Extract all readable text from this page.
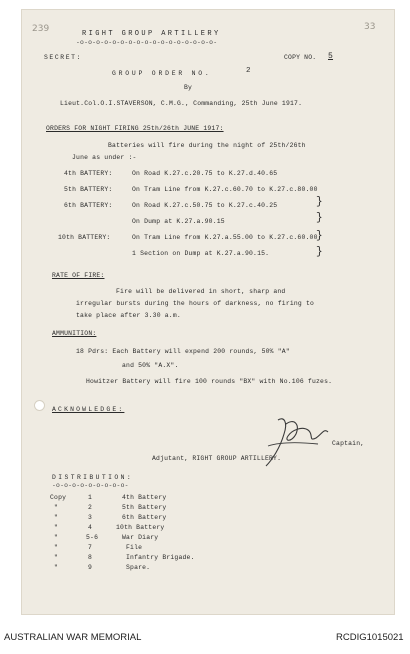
239	33
RIGHT GROUP ARTILLERY
-o-o-o-o-o-o-o-o-o-o-o-o-o-o-o-o-o-
SECRET:	COPY NO. 5
GROUP ORDER NO.	2
By
Lieut.Col.O.I.STAVERSON, C.M.G., Commanding, 25th June 1917.
ORDERS FOR NIGHT FIRING 25th/26th JUNE 1917:
Batteries will fire during the night of 25th/26th
June as under :-
4th BATTERY:	On Road K.27.c.20.75 to K.27.d.40.65
5th BATTERY:	On Tram Line from K.27.c.60.70 to K.27.c.80.00
6th BATTERY:	On Road K.27.c.50.75 to K.27.c.40.25
On Dump at K.27.a.90.15
}
}
10th BATTERY:	On Tram Line from K.27.a.55.00 to K.27.c.60.00
1 Section on Dump at K.27.a.90.15.
}
}
RATE OF FIRE:
Fire will be delivered in short, sharp and
irregular bursts during the hours of darkness, no firing to
take place after 3.30 a.m.
AMMUNITION:
18 Pdrs: Each Battery will expend 200 rounds, 50% "A"
and 50% "A.X".
Howitzer Battery will fire 100 rounds "BX" with No.106 fuzes.
ACKNOWLEDGE:
Captain,
Adjutant, RIGHT GROUP ARTILLERY.
DISTRIBUTION:
-o-o-o-o-o-o-o-o-o-
Copy	1	4th Battery
"	2	5th Battery
"	3	6th Battery
"	4	10th Battery
"	5-6	War Diary
"	7	File
"	8	Infantry Brigade.
"	9	Spare.
AUSTRALIAN WAR MEMORIAL	RCDIG1015021
